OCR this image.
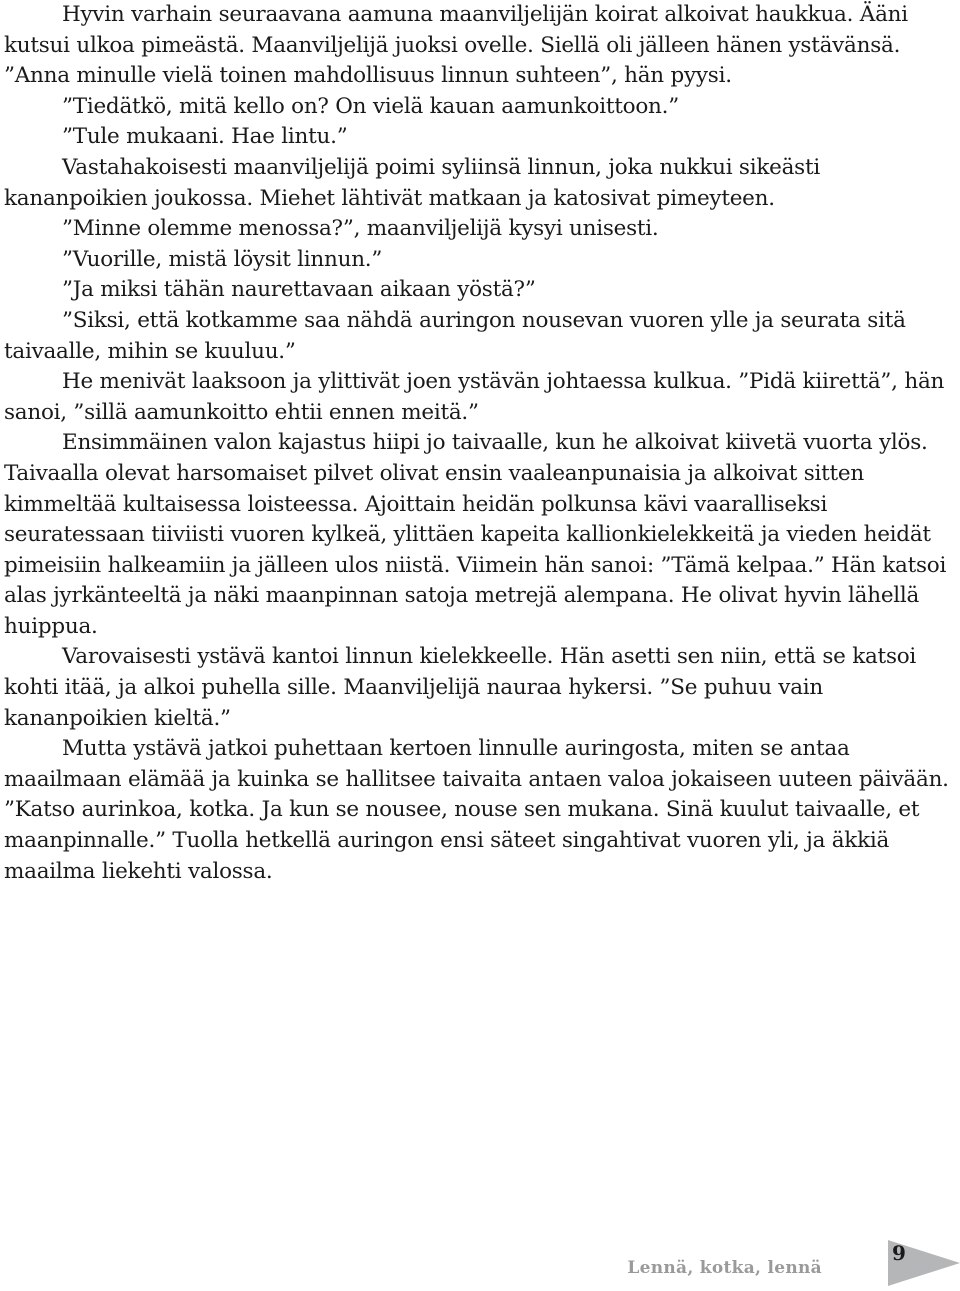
Hyvin varhain seuraavana aamuna maanviljelijän koirat alkoivat haukkua. Ääni kutsui ulkoa pimeästä. Maanviljelijä juoksi ovelle. Siellä oli jälleen hänen ystävänsä. ”Anna minulle vielä toinen mahdollisuus linnun suhteen”, hän pyysi.

”Tiedätkö, mitä kello on? On vielä kauan aamunkoittoon.”

”Tule mukaani. Hae lintu.”

Vastahakoisesti maanviljelijä poimi syliinsä linnun, joka nukkui sikeästi kananpoikien joukossa. Miehet lähtivät matkaan ja katosivat pimeyteen.

”Minne olemme menossa?”, maanviljelijä kysyi unisesti.

”Vuorille, mistä löysit linnun.”

”Ja miksi tähän naurettavaan aikaan yöstä?”

”Siksi, että kotkamme saa nähdä auringon nousevan vuoren ylle ja seurata sitä taivaalle, mihin se kuuluu.”

He menivät laaksoon ja ylittivät joen ystävän johtaessa kulkua. ”Pidä kiirettä”, hän sanoi, ”sillä aamunkoitto ehtii ennen meitä.”

Ensimmäinen valon kajastus hiipi jo taivaalle, kun he alkoivat kiivetä vuorta ylös. Taivaalla olevat harsomaiset pilvet olivat ensin vaaleanpunaisia ja alkoivat sitten kimmeltää kultaisessa loisteessa. Ajoittain heidän polkunsa kävi vaaralliseksi seuratessaan tiiviisti vuoren kylkeä, ylittäen kapeita kallionkielekkeitä ja vieden heidät pimeisiin halkeamiin ja jälleen ulos niistä. Viimein hän sanoi: ”Tämä kelpaa.” Hän katsoi alas jyrkänteeltä ja näki maanpinnan satoja metrejä alempana. He olivat hyvin lähellä huippua.

Varovaisesti ystävä kantoi linnun kielekkeelle. Hän asetti sen niin, että se katsoi kohti itää, ja alkoi puhella sille. Maanviljelijä nauraa hykersi. ”Se puhuu vain kananpoikien kieltä.”

Mutta ystävä jatkoi puhettaan kertoen linnulle auringosta, miten se antaa maailmaan elämää ja kuinka se hallitsee taivaita antaen valoa jokaiseen uuteen päivään. ”Katso aurinkoa, kotka. Ja kun se nousee, nouse sen mukana. Sinä kuulut taivaalle, et maanpinnalle.” Tuolla hetkellä auringon ensi säteet singahtivat vuoren yli, ja äkkiä maailma liekehti valossa.

Lennä, kotka, lennä
9
